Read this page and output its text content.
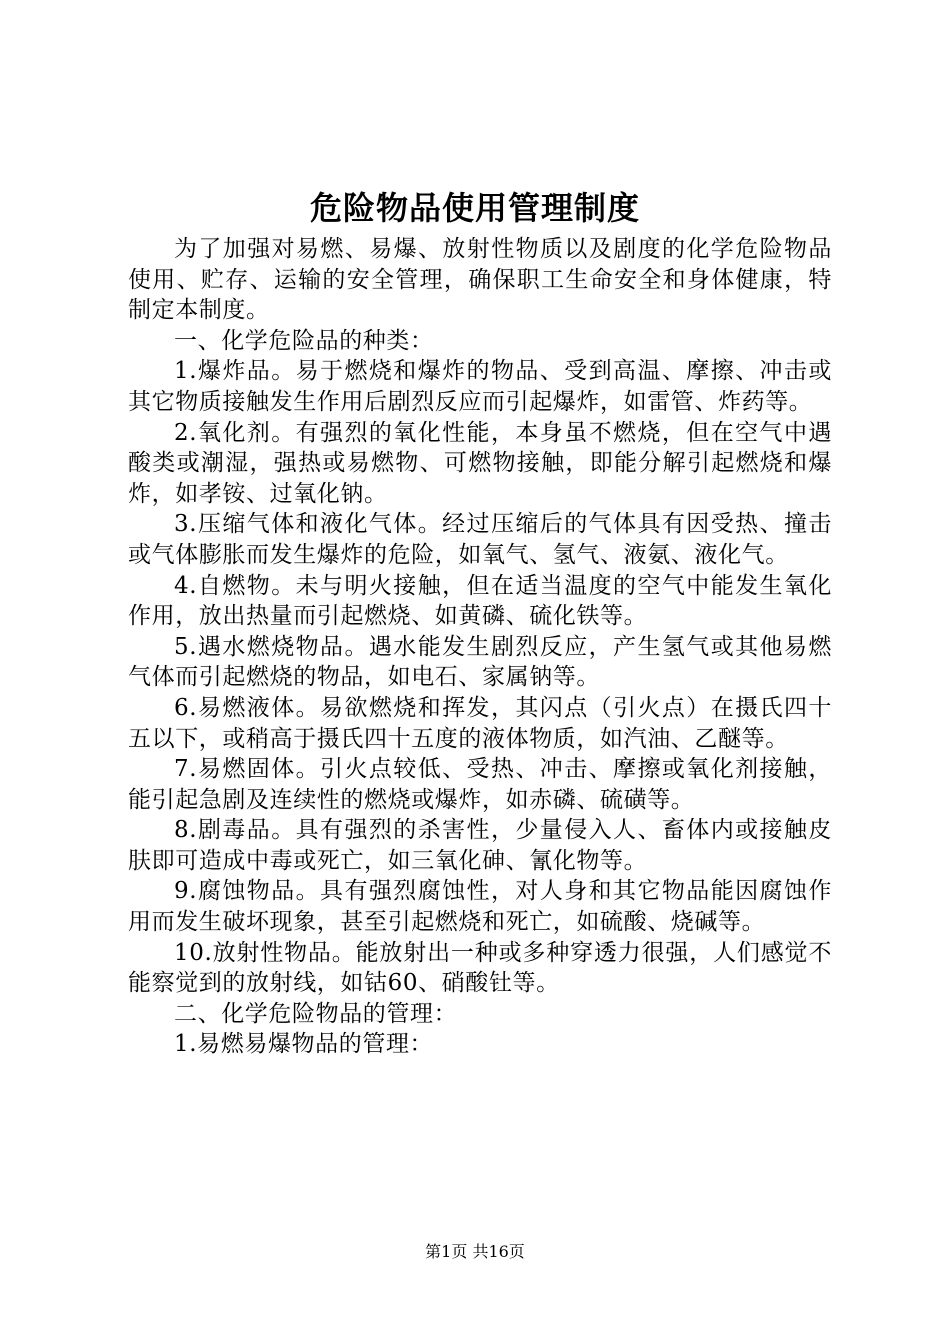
危险物品使用管理制度

为了加强对易燃、易爆、放射性物质以及剧度的化学危险物品使用、贮存、运输的安全管理，确保职工生命安全和身体健康，特制定本制度。

一、化学危险品的种类：

1.爆炸品。易于燃烧和爆炸的物品、受到高温、摩擦、冲击或其它物质接触发生作用后剧烈反应而引起爆炸，如雷管、炸药等。

2.氧化剂。有强烈的氧化性能，本身虽不燃烧，但在空气中遇酸类或潮湿，强热或易燃物、可燃物接触，即能分解引起燃烧和爆炸，如孝铵、过氧化钠。

3.压缩气体和液化气体。经过压缩后的气体具有因受热、撞击或气体膨胀而发生爆炸的危险，如氧气、氢气、液氨、液化气。

4.自燃物。未与明火接触，但在适当温度的空气中能发生氧化作用，放出热量而引起燃烧、如黄磷、硫化铁等。

5.遇水燃烧物品。遇水能发生剧烈反应，产生氢气或其他易燃气体而引起燃烧的物品，如电石、家属钠等。

6.易燃液体。易欲燃烧和挥发，其闪点（引火点）在摄氏四十五以下，或稍高于摄氏四十五度的液体物质，如汽油、乙醚等。

7.易燃固体。引火点较低、受热、冲击、摩擦或氧化剂接触，能引起急剧及连续性的燃烧或爆炸，如赤磷、硫磺等。

8.剧毒品。具有强烈的杀害性，少量侵入人、畜体内或接触皮肤即可造成中毒或死亡，如三氧化砷、氰化物等。

9.腐蚀物品。具有强烈腐蚀性，对人身和其它物品能因腐蚀作用而发生破坏现象，甚至引起燃烧和死亡，如硫酸、烧碱等。

10.放射性物品。能放射出一种或多种穿透力很强，人们感觉不能察觉到的放射线，如钴60、硝酸钍等。

二、化学危险物品的管理：

1.易燃易爆物品的管理：

第1页 共16页
